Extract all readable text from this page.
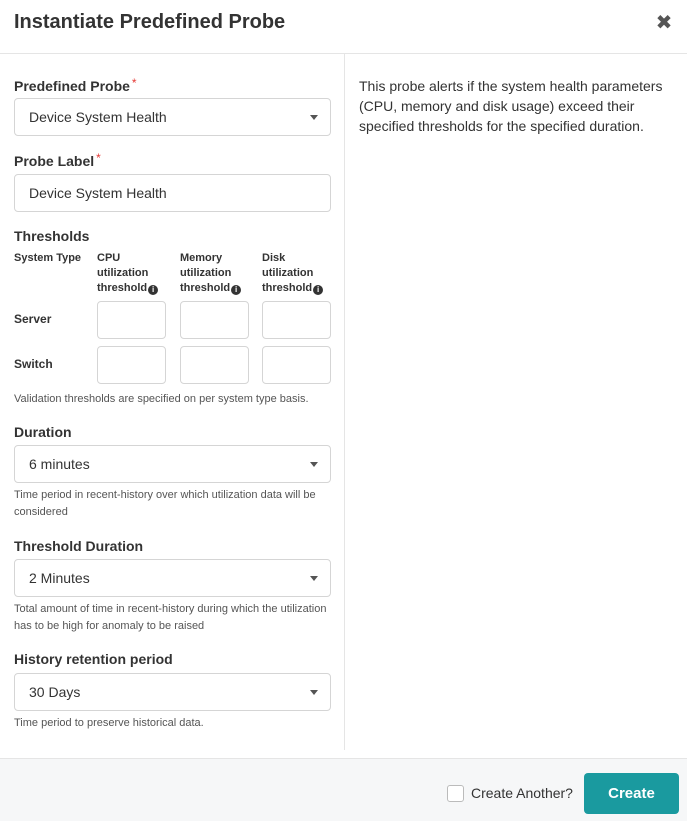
Instantiate Predefined Probe	✖
Predefined Probe *
Device System Health
Probe Label *
Device System Health
Thresholds
System Type CPU
utilization
threshold i
Memory
utilization
threshold i
Disk
utilization
threshold i
Server
Switch
Validation thresholds are specified on per system type basis.
Duration
6 minutes
Time period in recent-history over which utilization data will be considered
Threshold Duration
2 Minutes
Total amount of time in recent-history during which the utilization has to be high for anomaly to be raised
History retention period
30 Days
Time period to preserve historical data.
This probe alerts if the system health parameters (CPU, memory and disk usage) exceed their specified thresholds for the specified duration.
Create Another?	Create
